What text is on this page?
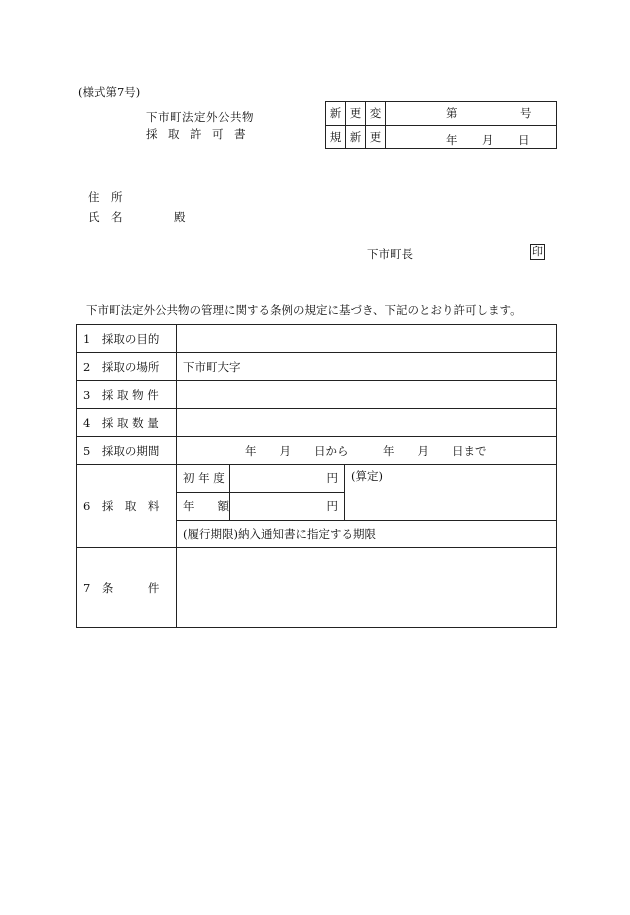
(様式第7号)
下市町法定外公共物
採 取 許 可 書
新	更	変	第 号

規	新	更	年 月 日
住　所
氏　名	殿
下市町長	印
下市町法定外公共物の管理に関する条例の規定に基づき、下記のとおり許可します。
1　採取の目的	
2　採取の場所	下市町大字
3　採 取 物 件	
4　採 取 数 量	
5　採取の期間	年　　月　　日から　　　年　　月　　日まで
6　採　取　料	
初 年 度	円	(算定)
年　　額	円
(履行期限)納入通知書に指定する期限

7　条　　　件	
